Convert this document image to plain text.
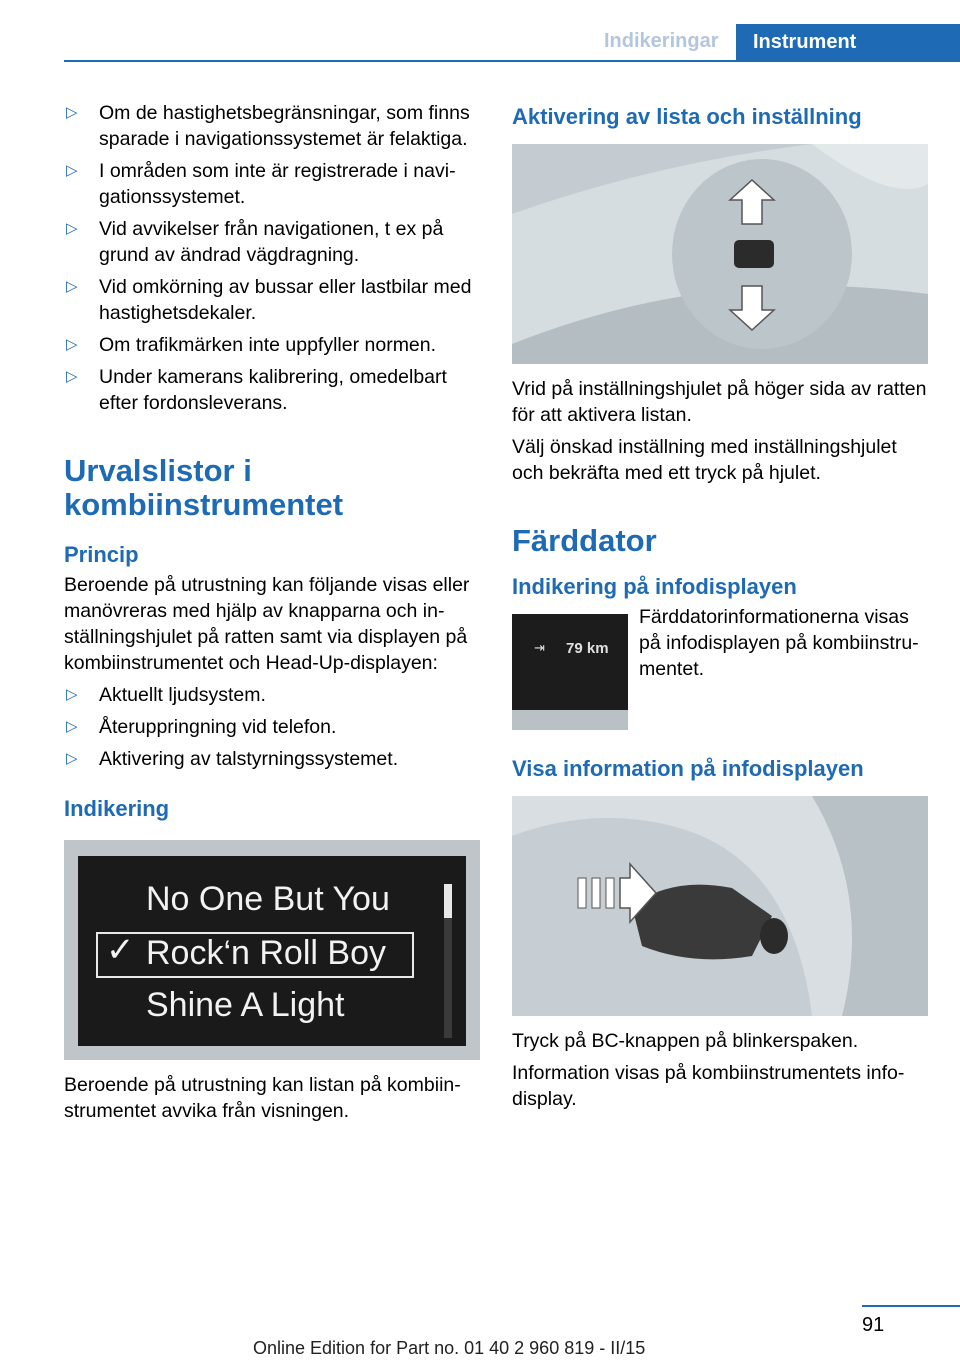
Indikeringar	Instrument
▷	Om de hastighetsbegränsningar, som finns sparade i navigationssystemet är felaktiga.
▷	I områden som inte är registrerade i navigationssystemet.
▷	Vid avvikelser från navigationen, t ex på grund av ändrad vägdragning.
▷	Vid omkörning av bussar eller lastbilar med hastighetsdekaler.
▷	Om trafikmärken inte uppfyller normen.
▷	Under kamerans kalibrering, omedelbart efter fordonsleverans.
Urvalslistor i kombiinstrumentet
Princip
Beroende på utrustning kan följande visas eller manövreras med hjälp av knapparna och inställningshjulet på ratten samt via displayen på kombiinstrumentet och Head-Up-displayen:
▷	Aktuellt ljudsystem.
▷	Återuppringning vid telefon.
▷	Aktivering av talstyrningssystemet.
Indikering
No One But You
✓ Rock‘n Roll Boy
Shine A Light
Beroende på utrustning kan listan på kombiinstrumentet avvika från visningen.
Aktivering av lista och inställning
Vrid på inställningshjulet på höger sida av ratten för att aktivera listan.
Välj önskad inställning med inställningshjulet och bekräfta med ett tryck på hjulet.
Färddator
Indikering på infodisplayen
⇥ 79 km
Färddatorinformationerna visas på infodisplayen på kombiinstrumentet.
Visa information på infodisplayen
Tryck på BC-knappen på blinkerspaken.
Information visas på kombiinstrumentets infodisplay.
91
Online Edition for Part no. 01 40 2 960 819 - II/15
